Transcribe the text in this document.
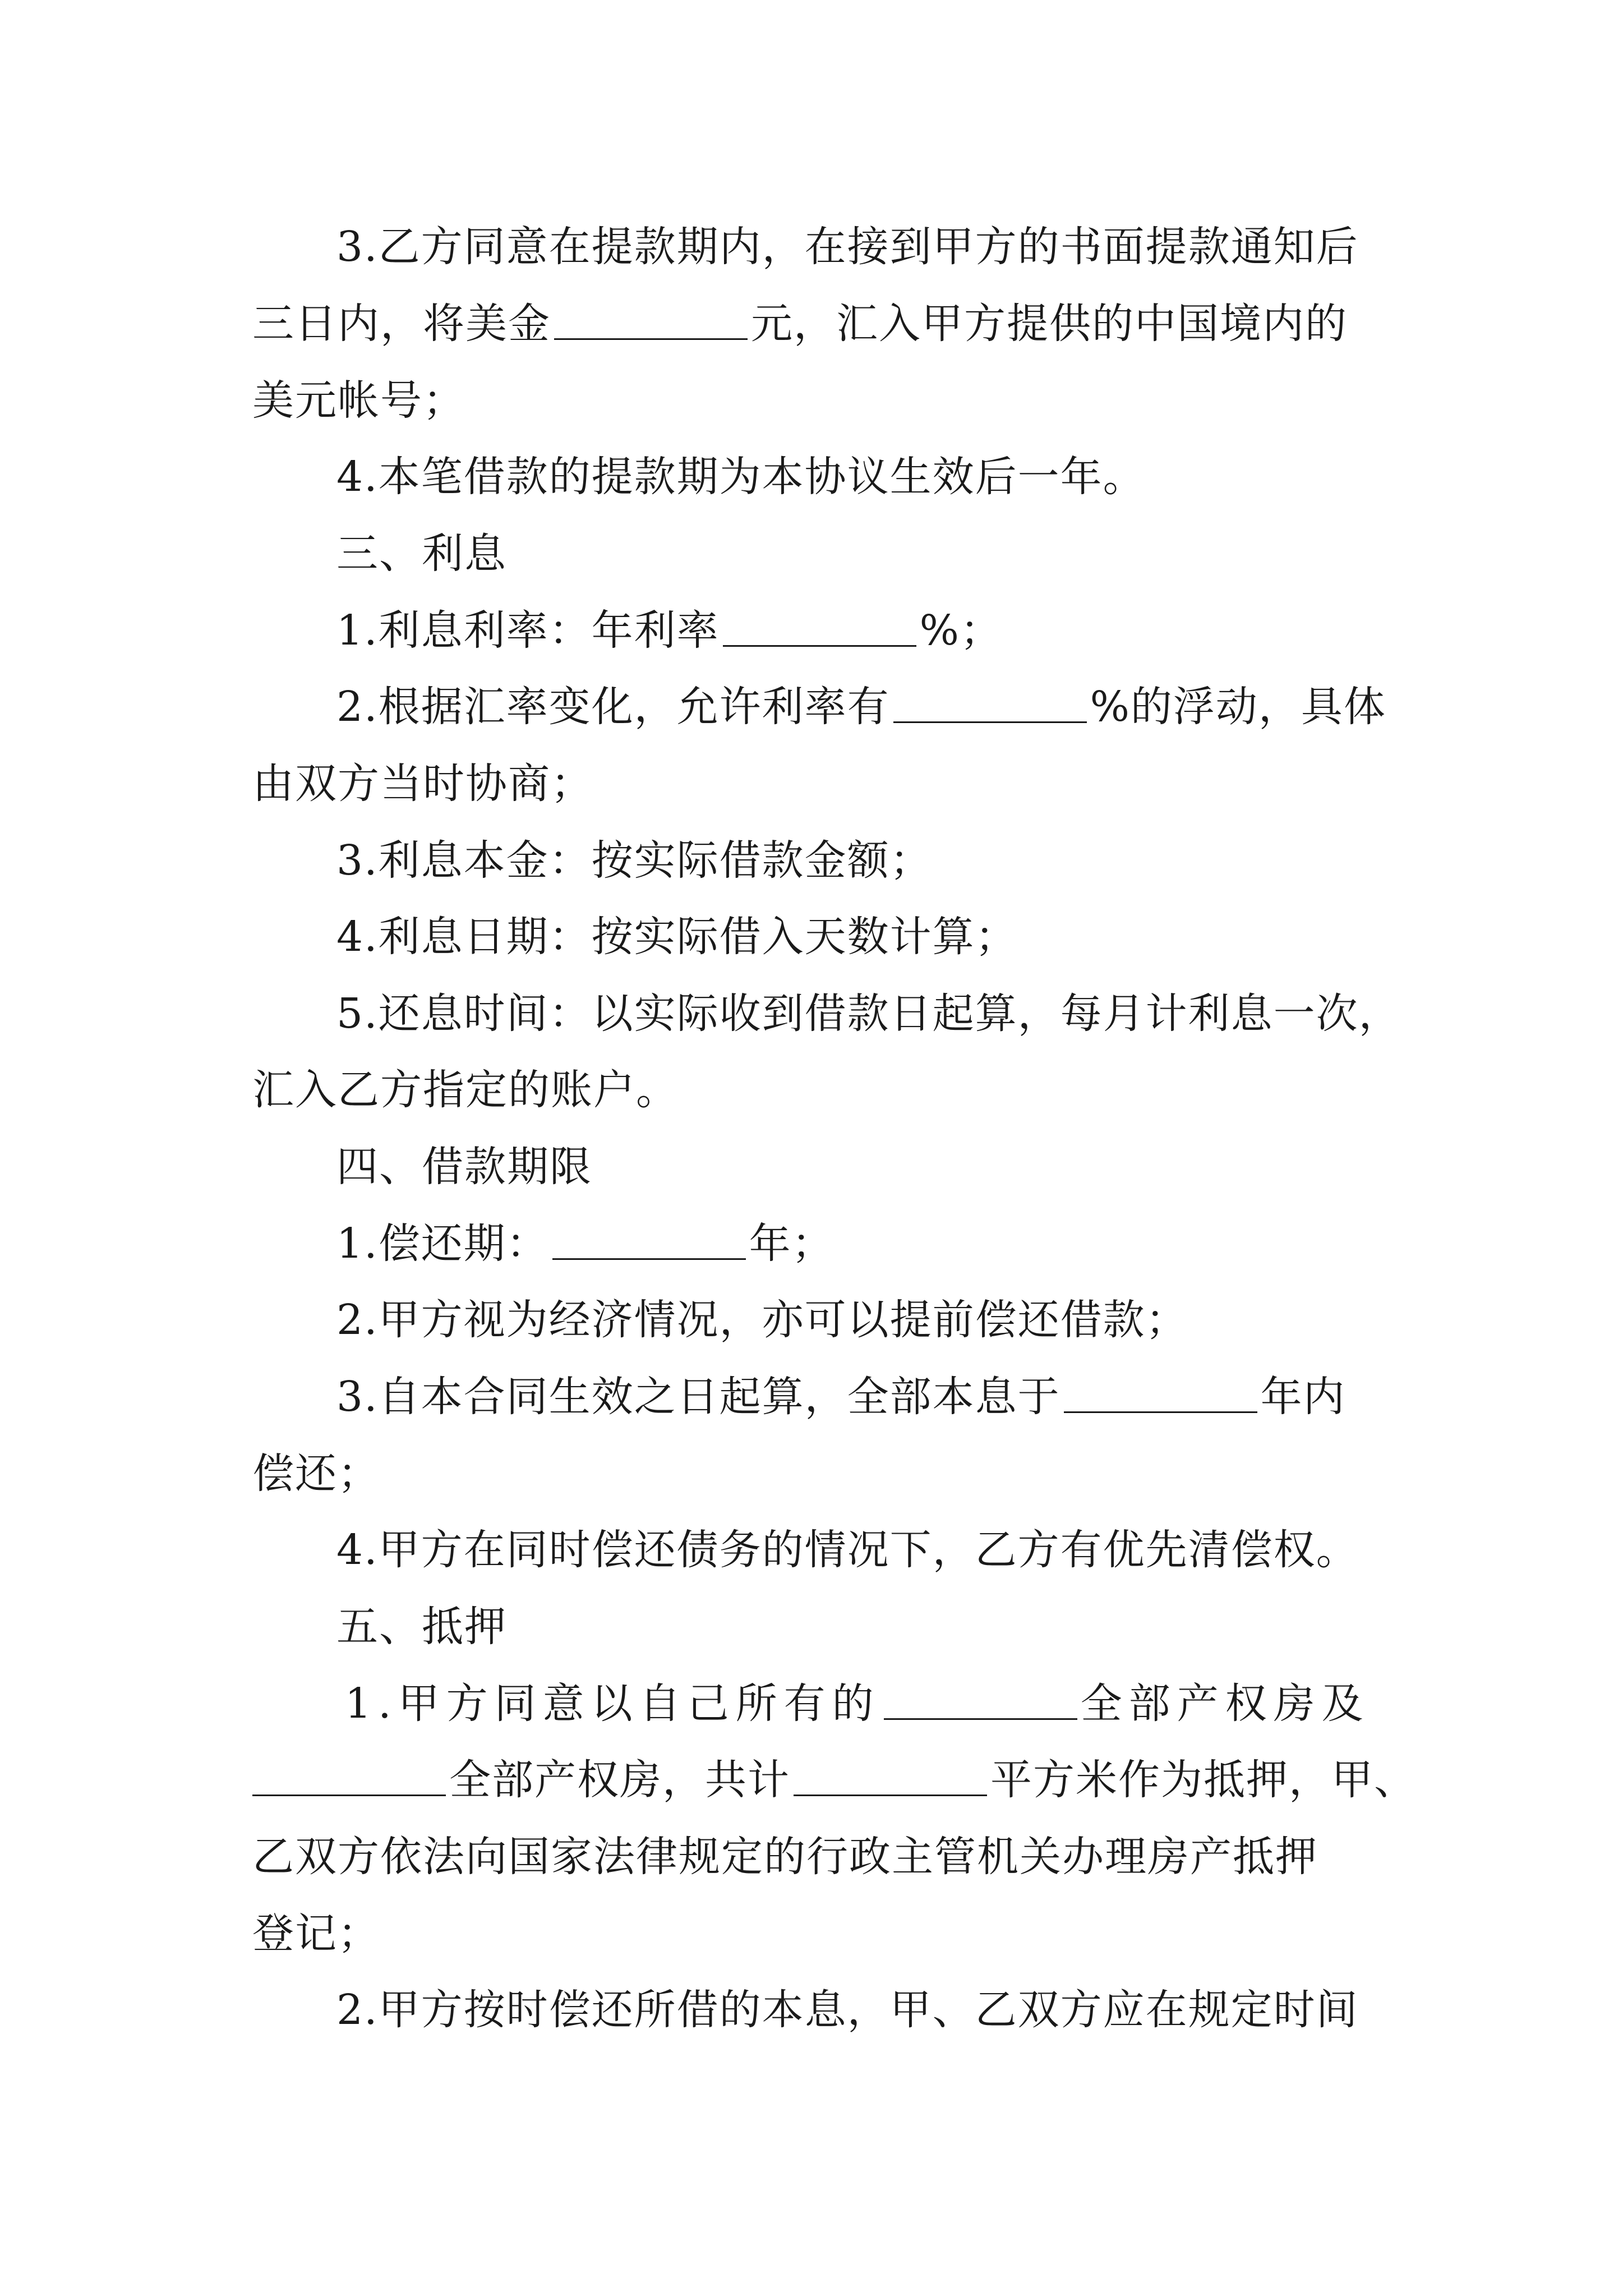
3.乙方同意在提款期内，在接到甲方的书面提款通知后
三日内，将美金	元，汇入甲方提供的中国境内的
美元帐号；
4.本笔借款的提款期为本协议生效后一年。
三、利息
1.利息利率：年利率	%；
2.根据汇率变化，允许利率有	%的浮动，具体
由双方当时协商；
3.利息本金：按实际借款金额；
4.利息日期：按实际借入天数计算；
5.还息时间：以实际收到借款日起算，每月计利息一次，
汇入乙方指定的账户。
四、借款期限
1.偿还期：	年；
2.甲方视为经济情况，亦可以提前偿还借款；
3.自本合同生效之日起算，全部本息于	年内
偿还；
4.甲方在同时偿还债务的情况下，乙方有优先清偿权。
五、抵押
1.甲方同意以自己所有的	全部产权房及
全部产权房，共计	平方米作为抵押，甲、
乙双方依法向国家法律规定的行政主管机关办理房产抵押
登记；
2.甲方按时偿还所借的本息，甲、乙双方应在规定时间
